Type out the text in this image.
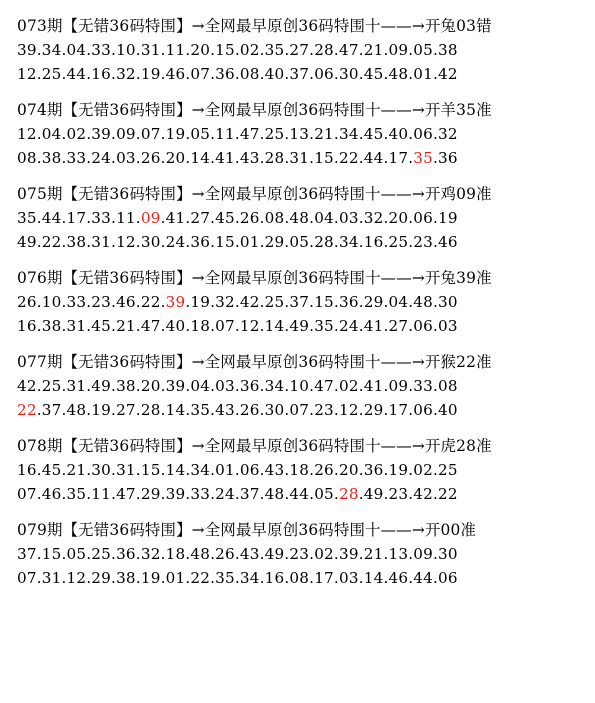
073期【无错36码特围】→全网最早原创36码特围十——→开兔03错
39.34.04.33.10.31.11.20.15.02.35.27.28.47.21.09.05.38
12.25.44.16.32.19.46.07.36.08.40.37.06.30.45.48.01.42
074期【无错36码特围】→全网最早原创36码特围十——→开羊35准
12.04.02.39.09.07.19.05.11.47.25.13.21.34.45.40.06.32
08.38.33.24.03.26.20.14.41.43.28.31.15.22.44.17.35.36
075期【无错36码特围】→全网最早原创36码特围十——→开鸡09准
35.44.17.33.11.09.41.27.45.26.08.48.04.03.32.20.06.19
49.22.38.31.12.30.24.36.15.01.29.05.28.34.16.25.23.46
076期【无错36码特围】→全网最早原创36码特围十——→开兔39准
26.10.33.23.46.22.39.19.32.42.25.37.15.36.29.04.48.30
16.38.31.45.21.47.40.18.07.12.14.49.35.24.41.27.06.03
077期【无错36码特围】→全网最早原创36码特围十——→开猴22准
42.25.31.49.38.20.39.04.03.36.34.10.47.02.41.09.33.08
22.37.48.19.27.28.14.35.43.26.30.07.23.12.29.17.06.40
078期【无错36码特围】→全网最早原创36码特围十——→开虎28准
16.45.21.30.31.15.14.34.01.06.43.18.26.20.36.19.02.25
07.46.35.11.47.29.39.33.24.37.48.44.05.28.49.23.42.22
079期【无错36码特围】→全网最早原创36码特围十——→开00准
37.15.05.25.36.32.18.48.26.43.49.23.02.39.21.13.09.30
07.31.12.29.38.19.01.22.35.34.16.08.17.03.14.46.44.06
